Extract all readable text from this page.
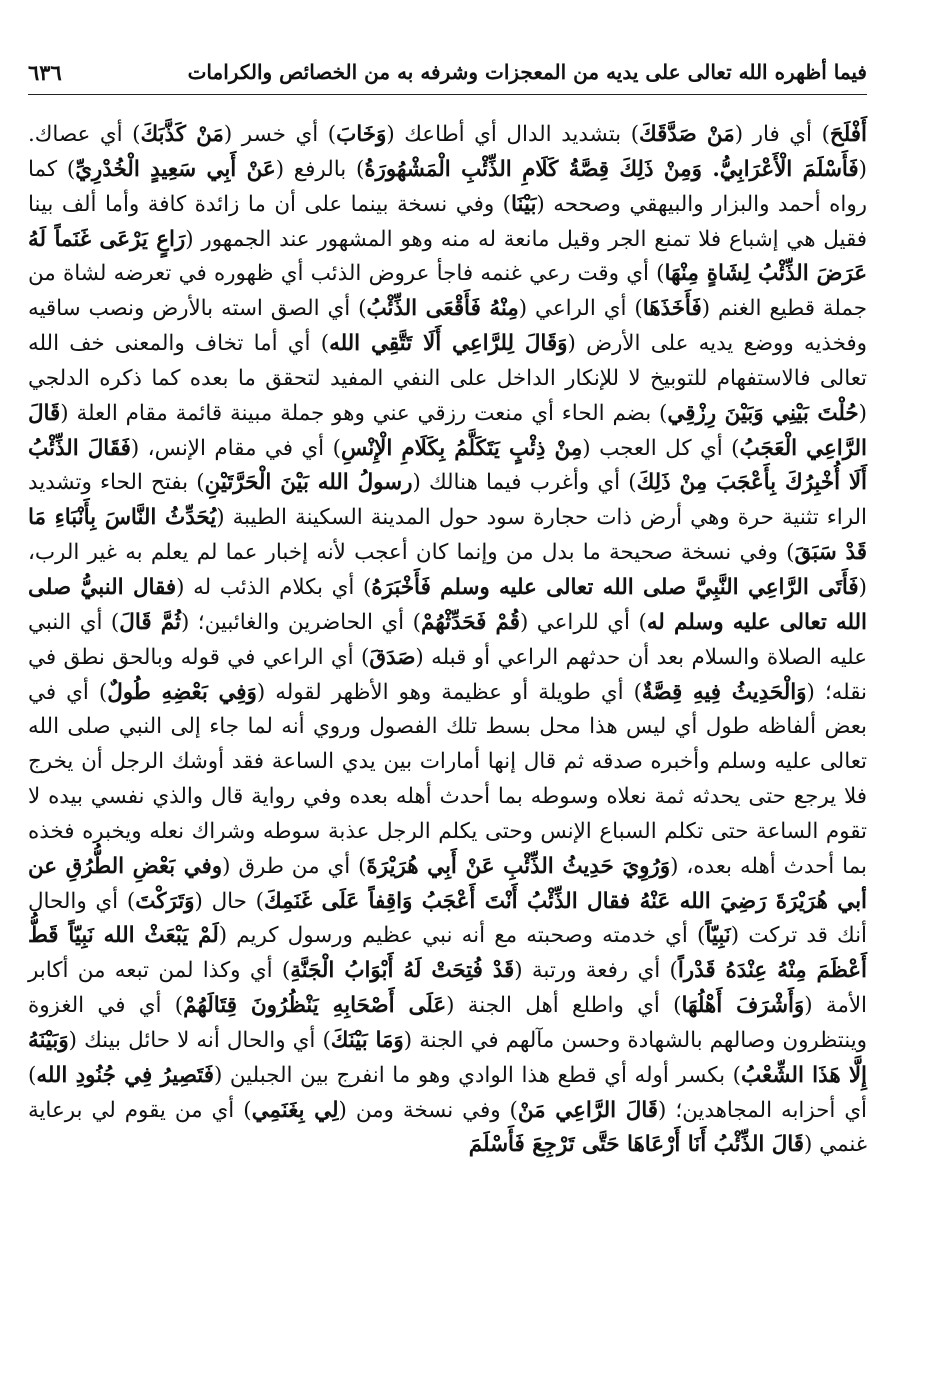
فيما أظهره الله تعالى على يديه من المعجزات وشرفه به من الخصائص والكرامات
٦٣٦

أَفْلَحَ) أي فار (مَنْ صَدَّقَكَ) بتشديد الدال أي أطاعك (وَخَابَ) أي خسر (مَنْ كَذَّبَكَ) أي عصاك. (فَأَسْلَمَ الْأَعْرَابِيُّ. وَمِنْ ذَلِكَ قِصَّةُ كَلَامِ الذِّئْبِ الْمَشْهُورَةُ) بالرفع (عَنْ أَبِي سَعِيدٍ الْخُدْرِيِّ) كما رواه أحمد والبزار والبيهقي وصححه (بَيْنَا) وفي نسخة بينما على أن ما زائدة كافة وأما ألف بينا فقيل هي إشباع فلا تمنع الجر وقيل مانعة له منه وهو المشهور عند الجمهور (رَاعٍ يَرْعَى غَنَماً لَهُ عَرَضَ الذِّئْبُ لِشَاةٍ مِنْهَا) أي وقت رعي غنمه فاجأ عروض الذئب أي ظهوره في تعرضه لشاة من جملة قطيع الغنم (فَأَخَذَهَا) أي الراعي (مِنْهُ فَأَقْعَى الذِّئْبُ) أي الصق استه بالأرض ونصب ساقيه وفخذيه ووضع يديه على الأرض (وَقَالَ لِلرَّاعِي أَلَا تَتَّقِي الله) أي أما تخاف والمعنى خف الله تعالى فالاستفهام للتوبيخ لا للإنكار الداخل على النفي المفيد لتحقق ما بعده كما ذكره الدلجي (حُلْتَ بَيْنِي وَبَيْنَ رِزْقِي) بضم الحاء أي منعت رزقي عني وهو جملة مبينة قائمة مقام العلة (قَالَ الرَّاعِي الْعَجَبُ) أي كل العجب (مِنْ ذِئْبٍ يَتَكَلَّمُ بِكَلَامِ الْإِنْسِ) أي في مقام الإنس، (فَقَالَ الذِّئْبُ أَلَا أُخْبِرُكَ بِأَعْجَبَ مِنْ ذَلِكَ) أي وأغرب فيما هنالك (رسولُ الله بَيْنَ الْحَرَّتَيْنِ) بفتح الحاء وتشديد الراء تثنية حرة وهي أرض ذات حجارة سود حول المدينة السكينة الطيبة (يُحَدِّثُ النَّاسَ بِأَنْبَاءِ مَا قَدْ سَبَقَ) وفي نسخة صحيحة ما بدل من وإنما كان أعجب لأنه إخبار عما لم يعلم به غير الرب، (فَأَتَى الرَّاعِي النَّبِيَّ صلى الله تعالى عليه وسلم فَأَخْبَرَهُ) أي بكلام الذئب له (فقال النبيُّ صلى الله تعالى عليه وسلم له) أي للراعي (قُمْ فَحَدِّثْهُمْ) أي الحاضرين والغائبين؛ (ثُمَّ قَالَ) أي النبي عليه الصلاة والسلام بعد أن حدثهم الراعي أو قبله (صَدَقَ) أي الراعي في قوله وبالحق نطق في نقله؛ (وَالْحَدِيثُ فِيهِ قِصَّةٌ) أي طويلة أو عظيمة وهو الأظهر لقوله (وَفِي بَعْضِهِ طُولٌ) أي في بعض ألفاظه طول أي ليس هذا محل بسط تلك الفصول وروي أنه لما جاء إلى النبي صلى الله تعالى عليه وسلم وأخبره صدقه ثم قال إنها أمارات بين يدي الساعة فقد أوشك الرجل أن يخرج فلا يرجع حتى يحدثه ثمة نعلاه وسوطه بما أحدث أهله بعده وفي رواية قال والذي نفسي بيده لا تقوم الساعة حتى تكلم السباع الإنس وحتى يكلم الرجل عذبة سوطه وشراك نعله ويخبره فخذه بما أحدث أهله بعده، (وَرُوِيَ حَدِيثُ الذِّئْبِ عَنْ أَبِي هُرَيْرَةَ) أي من طرق (وفي بَعْضِ الطُّرُقِ عن أبي هُرَيْرَةَ رَضِيَ الله عَنْهُ فقال الذِّئْبُ أَنْتَ أَعْجَبُ وَاقِفاً عَلَى غَنَمِكَ) حال (وَتَرَكْتَ) أي والحال أنك قد تركت (نَبِيّاً) أي خدمته وصحبته مع أنه نبي عظيم ورسول كريم (لَمْ يَبْعَثْ الله نَبِيّاً قَطُّ أَعْظَمَ مِنْهُ عِنْدَهُ قَدْراً) أي رفعة ورتبة (قَدْ فُتِحَتْ لَهُ أَبْوَابُ الْجَنَّةِ) أي وكذا لمن تبعه من أكابر الأمة (وَأَشْرَفَ أَهْلُهَا) أي واطلع أهل الجنة (عَلَى أَصْحَابِهِ يَنْظُرُونَ قِتَالَهُمْ) أي في الغزوة وينتظرون وصالهم بالشهادة وحسن مآلهم في الجنة (وَمَا بَيْنَكَ) أي والحال أنه لا حائل بينك (وَبَيْنَهُ إِلَّا هَذَا الشِّعْبُ) بكسر أوله أي قطع هذا الوادي وهو ما انفرج بين الجبلين (فَتَصِيرُ فِي جُنُودِ الله) أي أحزابه المجاهدين؛ (قَالَ الرَّاعِي مَنْ) وفي نسخة ومن (لِي بِغَنَمِي) أي من يقوم لي برعاية غنمي (قَالَ الذِّئْبُ أَنَا أَرْعَاهَا حَتَّى تَرْجِعَ فَأَسْلَمَ
